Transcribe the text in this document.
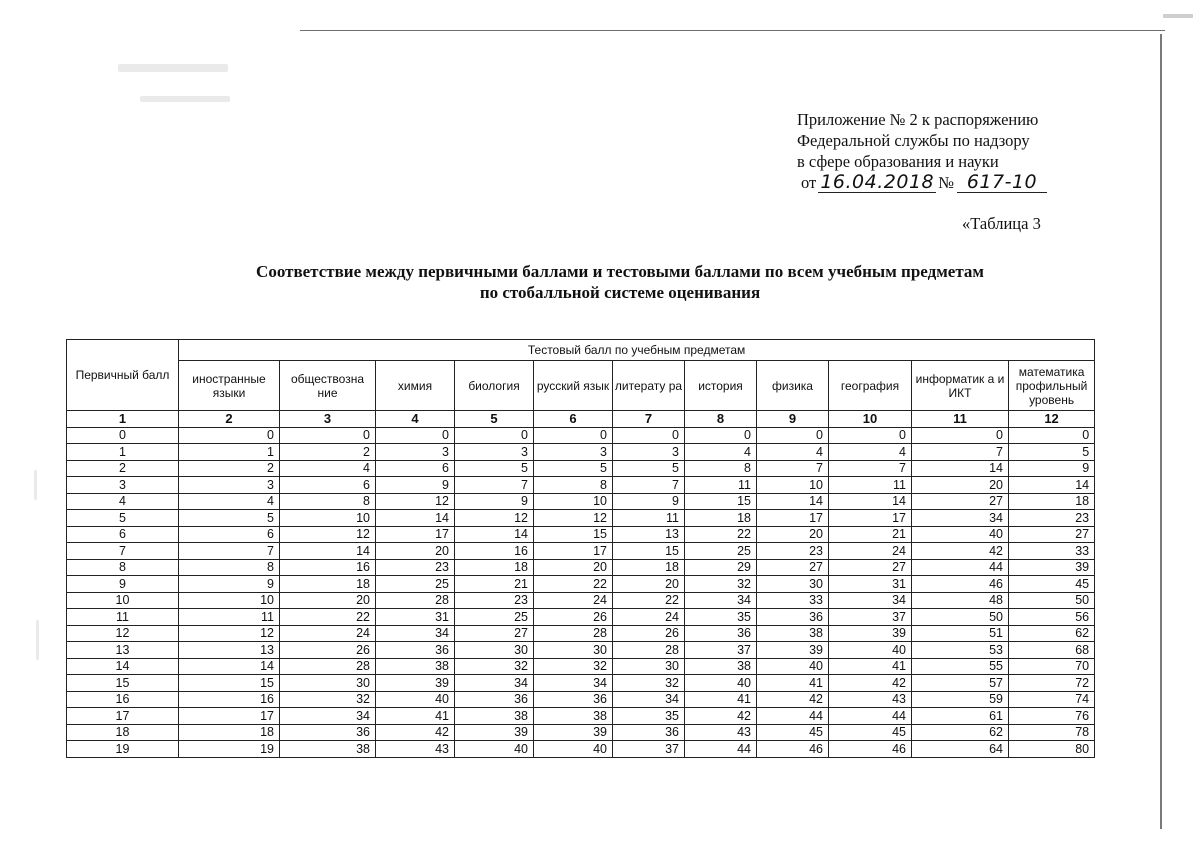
Приложение № 2 к распоряжению
Федеральной службы по надзору
в сфере образования и науки
от 16.04.2018 № 617-10
«Таблица 3
Соответствие между первичными баллами и тестовыми баллами по всем учебным предметам
по стобалльной системе оценивания
Первичный балл	Тестовый балл по учебным предметам										
	иностранные языки	обществозна ние	химия	биология	русский язык	литерату ра	история	физика	география	информатик а и ИКТ	математика профильный уровень
1	2	3	4	5	6	7	8	9	10	11	12
0	0	0	0	0	0	0	0	0	0	0	0
1	1	2	3	3	3	3	4	4	4	7	5
2	2	4	6	5	5	5	8	7	7	14	9
3	3	6	9	7	8	7	11	10	11	20	14
4	4	8	12	9	10	9	15	14	14	27	18
5	5	10	14	12	12	11	18	17	17	34	23
6	6	12	17	14	15	13	22	20	21	40	27
7	7	14	20	16	17	15	25	23	24	42	33
8	8	16	23	18	20	18	29	27	27	44	39
9	9	18	25	21	22	20	32	30	31	46	45
10	10	20	28	23	24	22	34	33	34	48	50
11	11	22	31	25	26	24	35	36	37	50	56
12	12	24	34	27	28	26	36	38	39	51	62
13	13	26	36	30	30	28	37	39	40	53	68
14	14	28	38	32	32	30	38	40	41	55	70
15	15	30	39	34	34	32	40	41	42	57	72
16	16	32	40	36	36	34	41	42	43	59	74
17	17	34	41	38	38	35	42	44	44	61	76
18	18	36	42	39	39	36	43	45	45	62	78
19	19	38	43	40	40	37	44	46	46	64	80
